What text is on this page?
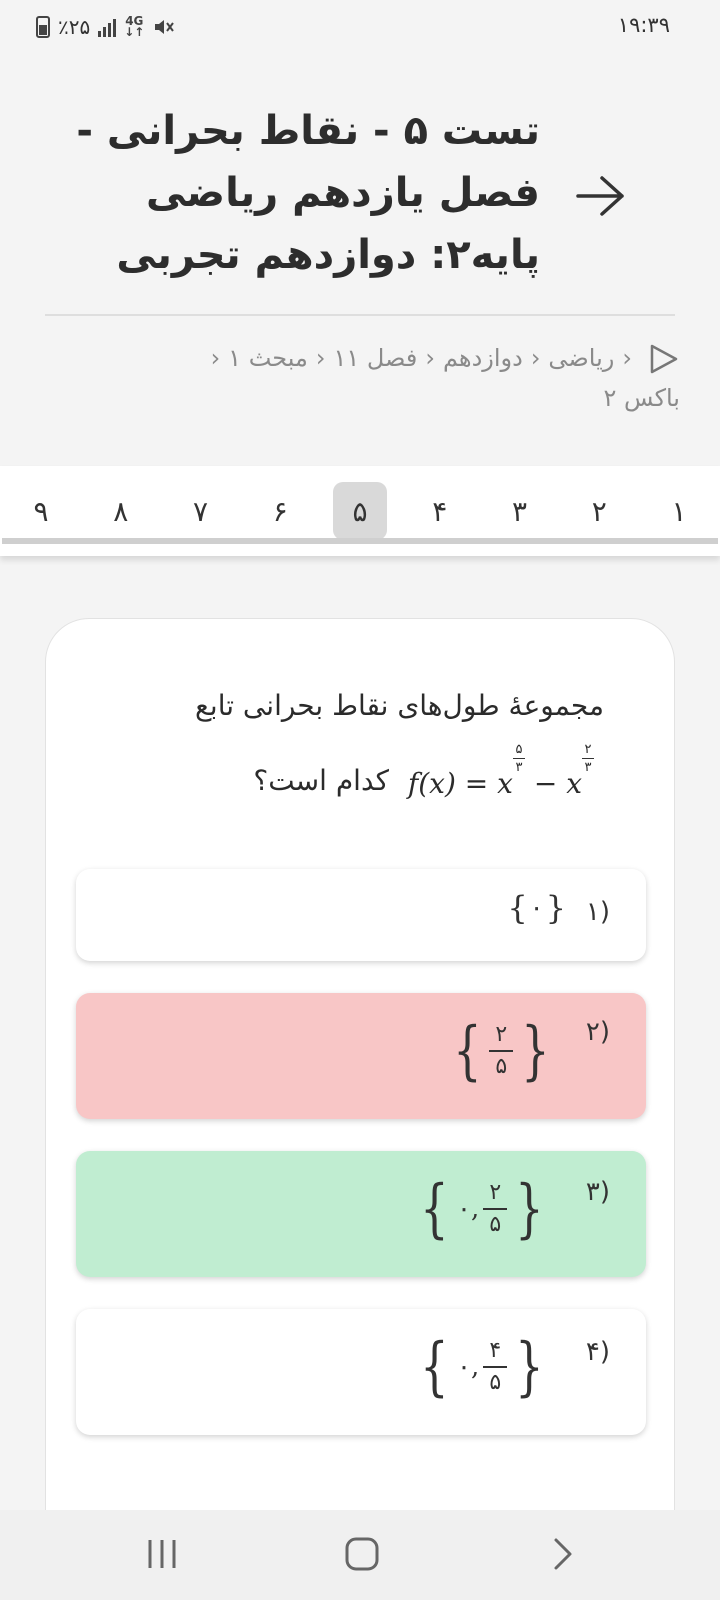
٪۲۵	4G
↓↑	۱۹:۳۹
تست ۵ - نقاط بحرانی - فصل یازدهم ریاضی پایه۲: دوازدهم تجربی
‹ریاضی‹دوازدهم‹فصل ۱۱‹مبحث ۱‹
باکس ۲
۱
۲
۳
۴
۵
۶
۷
۸
۹
مجموعهٔ طول‌های نقاط بحرانی تابع
$f(x) = x^{۵ ۳} - x^{۲ ۳}$ کدام است؟
(۱
{ ۰ }
(۲
{ $\frac{۲}{۵}$ }
(۳
{ ۰, $\frac{۲}{۵}$ }
(۴
{ ۰, $\frac{۴}{۵}$ }
